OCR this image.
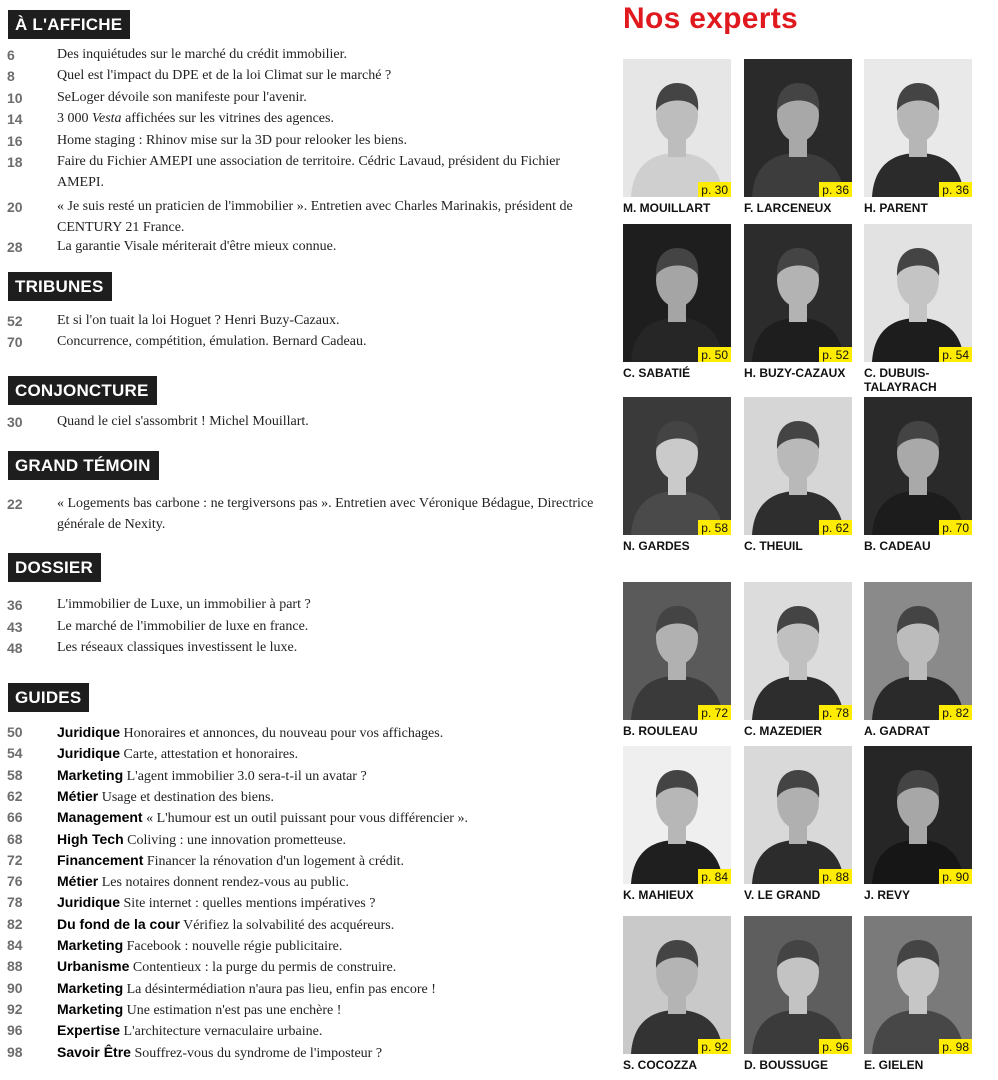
À L'AFFICHE
6	Des inquiétudes sur le marché du crédit immobilier.
8	Quel est l'impact du DPE et de la loi Climat sur le marché ?
10	SeLoger dévoile son manifeste pour l'avenir.
14	3 000 Vesta affichées sur les vitrines des agences.
16	Home staging : Rhinov mise sur la 3D pour relooker les biens.
18	Faire du Fichier AMEPI une association de territoire. Cédric Lavaud, président du Fichier AMEPI.
20	« Je suis resté un praticien de l'immobilier ». Entretien avec Charles Marinakis, président de CENTURY 21 France.
28	La garantie Visale mériterait d'être mieux connue.
TRIBUNES
52	Et si l'on tuait la loi Hoguet ? Henri Buzy-Cazaux.
70	Concurrence, compétition, émulation. Bernard Cadeau.
CONJONCTURE
30	Quand le ciel s'assombrit ! Michel Mouillart.
GRAND TÉMOIN
22	« Logements bas carbone : ne tergiversons pas ». Entretien avec Véronique Bédague, Directrice générale de Nexity.
DOSSIER
36	L'immobilier de Luxe, un immobilier à part ?
43	Le marché de l'immobilier de luxe en france.
48	Les réseaux classiques investissent le luxe.
GUIDES
50 Juridique Honoraires et annonces, du nouveau pour vos affichages.
54 Juridique Carte, attestation et honoraires.
58 Marketing L'agent immobilier 3.0 sera-t-il un avatar ?
62 Métier Usage et destination des biens.
66 Management « L'humour est un outil puissant pour vous différencier ».
68 High Tech Coliving : une innovation prometteuse.
72 Financement Financer la rénovation d'un logement à crédit.
76 Métier Les notaires donnent rendez-vous au public.
78 Juridique Site internet : quelles mentions impératives ?
82 Du fond de la cour Vérifiez la solvabilité des acquéreurs.
84 Marketing Facebook : nouvelle régie publicitaire.
88 Urbanisme Contentieux : la purge du permis de construire.
90 Marketing La désintermédiation n'aura pas lieu, enfin pas encore !
92 Marketing Une estimation n'est pas une enchère !
96 Expertise L'architecture vernaculaire urbaine.
98 Savoir Être Souffrez-vous du syndrome de l'imposteur ?
Nos experts
p. 30
M. MOUILLART
p. 36
F. LARCENEUX
p. 36
H. PARENT
p. 50
C. SABATIÉ
p. 52
H. BUZY-CAZAUX
p. 54
C. DUBUIS-
TALAYRACH
p. 58
N. GARDES
p. 62
C. THEUIL
p. 70
B. CADEAU
p. 72
B. ROULEAU
p. 78
C. MAZEDIER
p. 82
A. GADRAT
p. 84
K. MAHIEUX
p. 88
V. LE GRAND
p. 90
J. REVY
p. 92
S. COCOZZA
p. 96
D. BOUSSUGE
p. 98
E. GIELEN
